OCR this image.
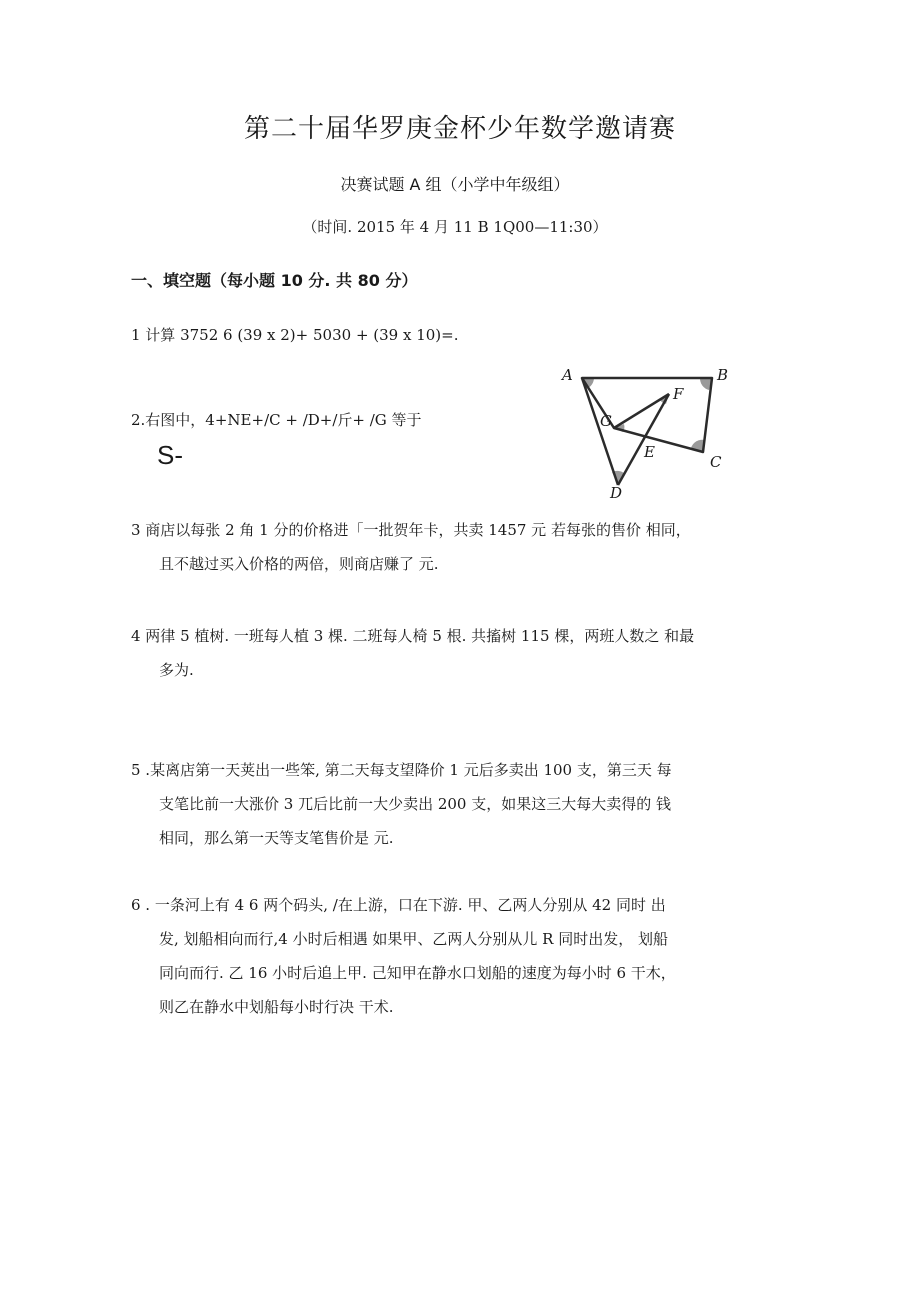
第二十届华罗庚金杯少年数学邀请赛
决赛试题 A 组（小学中年级组）
（时间. 2015 年 4 月 11 B 1Q00—11:30）
一、填空题（每小题 10 分. 共 80 分）
1 计算 3752 6 (39 x 2)+ 5030 + (39 x 10)=.
2.右图中，4+NE+/C + /D+/斤+ /G 等于
S-
A	B
C
D
E
F
G
3 商店以每张 2 角 1 分的价格进「一批贺年卡，共卖 1457 元 若每张的售价 相同，
且不越过买入价格的两倍，则商店赚了 元.
4 两律 5 植树. 一班每人植 3 棵. 二班每人椅 5 根. 共搐树 115 棵，两班人数之 和最
多为.
5 .某离店第一天荚出一些笨, 第二天每支望降价 1 元后多卖出 100 支，第三天 每
支笔比前一大涨价 3 兀后比前一大少卖出 200 支，如果这三大每大卖得的 钱
相同，那么第一天等支笔售价是 元.
6 . 一条河上有 4 6 两个码头, /在上游，口在下游. 甲、乙两人分别从 42 同时 出
发, 划船相向而行,4 小时后相遇 如果甲、乙两人分别从儿 R 同时出发， 划船
同向而行. 乙 16 小时后追上甲. 己知甲在静水口划船的速度为每小时 6 干木，
则乙在静水中划船每小时行决 干术.
